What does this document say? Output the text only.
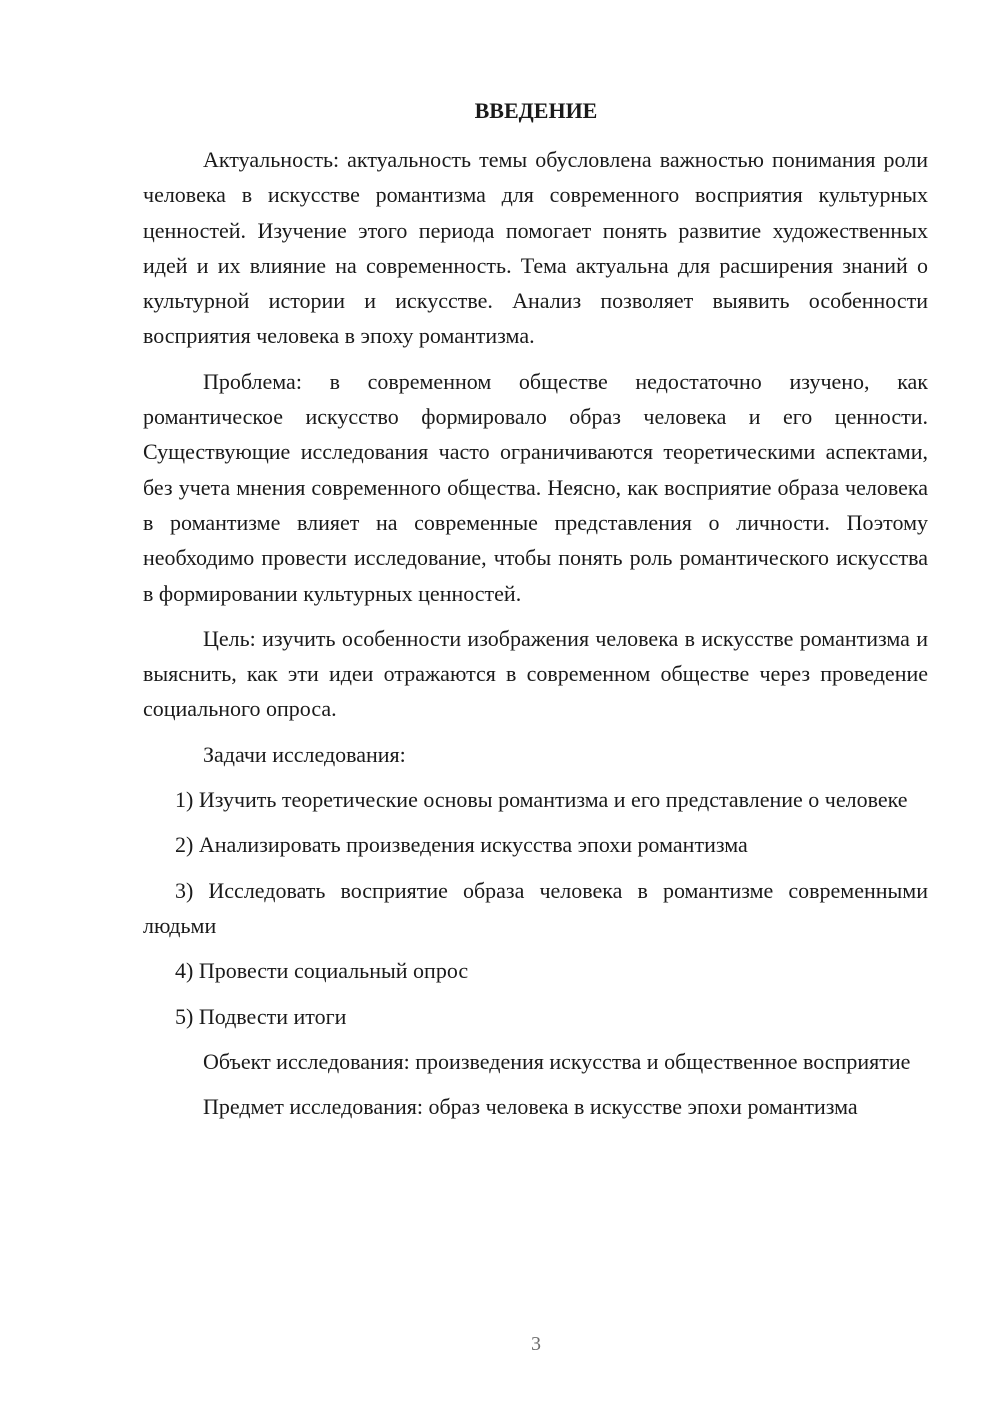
ВВЕДЕНИЕ

Актуальность: актуальность темы обусловлена важностью понимания роли человека в искусстве романтизма для современного восприятия культурных ценностей. Изучение этого периода помогает понять развитие художественных идей и их влияние на современность. Тема актуальна для расширения знаний о культурной истории и искусстве. Анализ позволяет выявить особенности восприятия человека в эпоху романтизма.

Проблема: в современном обществе недостаточно изучено, как романтическое искусство формировало образ человека и его ценности. Существующие исследования часто ограничиваются теоретическими аспектами, без учета мнения современного общества. Неясно, как восприятие образа человека в романтизме влияет на современные представления о личности. Поэтому необходимо провести исследование, чтобы понять роль романтического искусства в формировании культурных ценностей.

Цель: изучить особенности изображения человека в искусстве романтизма и выяснить, как эти идеи отражаются в современном обществе через проведение социального опроса.

Задачи исследования:

1) Изучить теоретические основы романтизма и его представление о человеке

2) Анализировать произведения искусства эпохи романтизма

3) Исследовать восприятие образа человека в романтизме современными людьми

4) Провести социальный опрос

5) Подвести итоги

Объект исследования: произведения искусства и общественное восприятие

Предмет исследования: образ человека в искусстве эпохи романтизма

3
